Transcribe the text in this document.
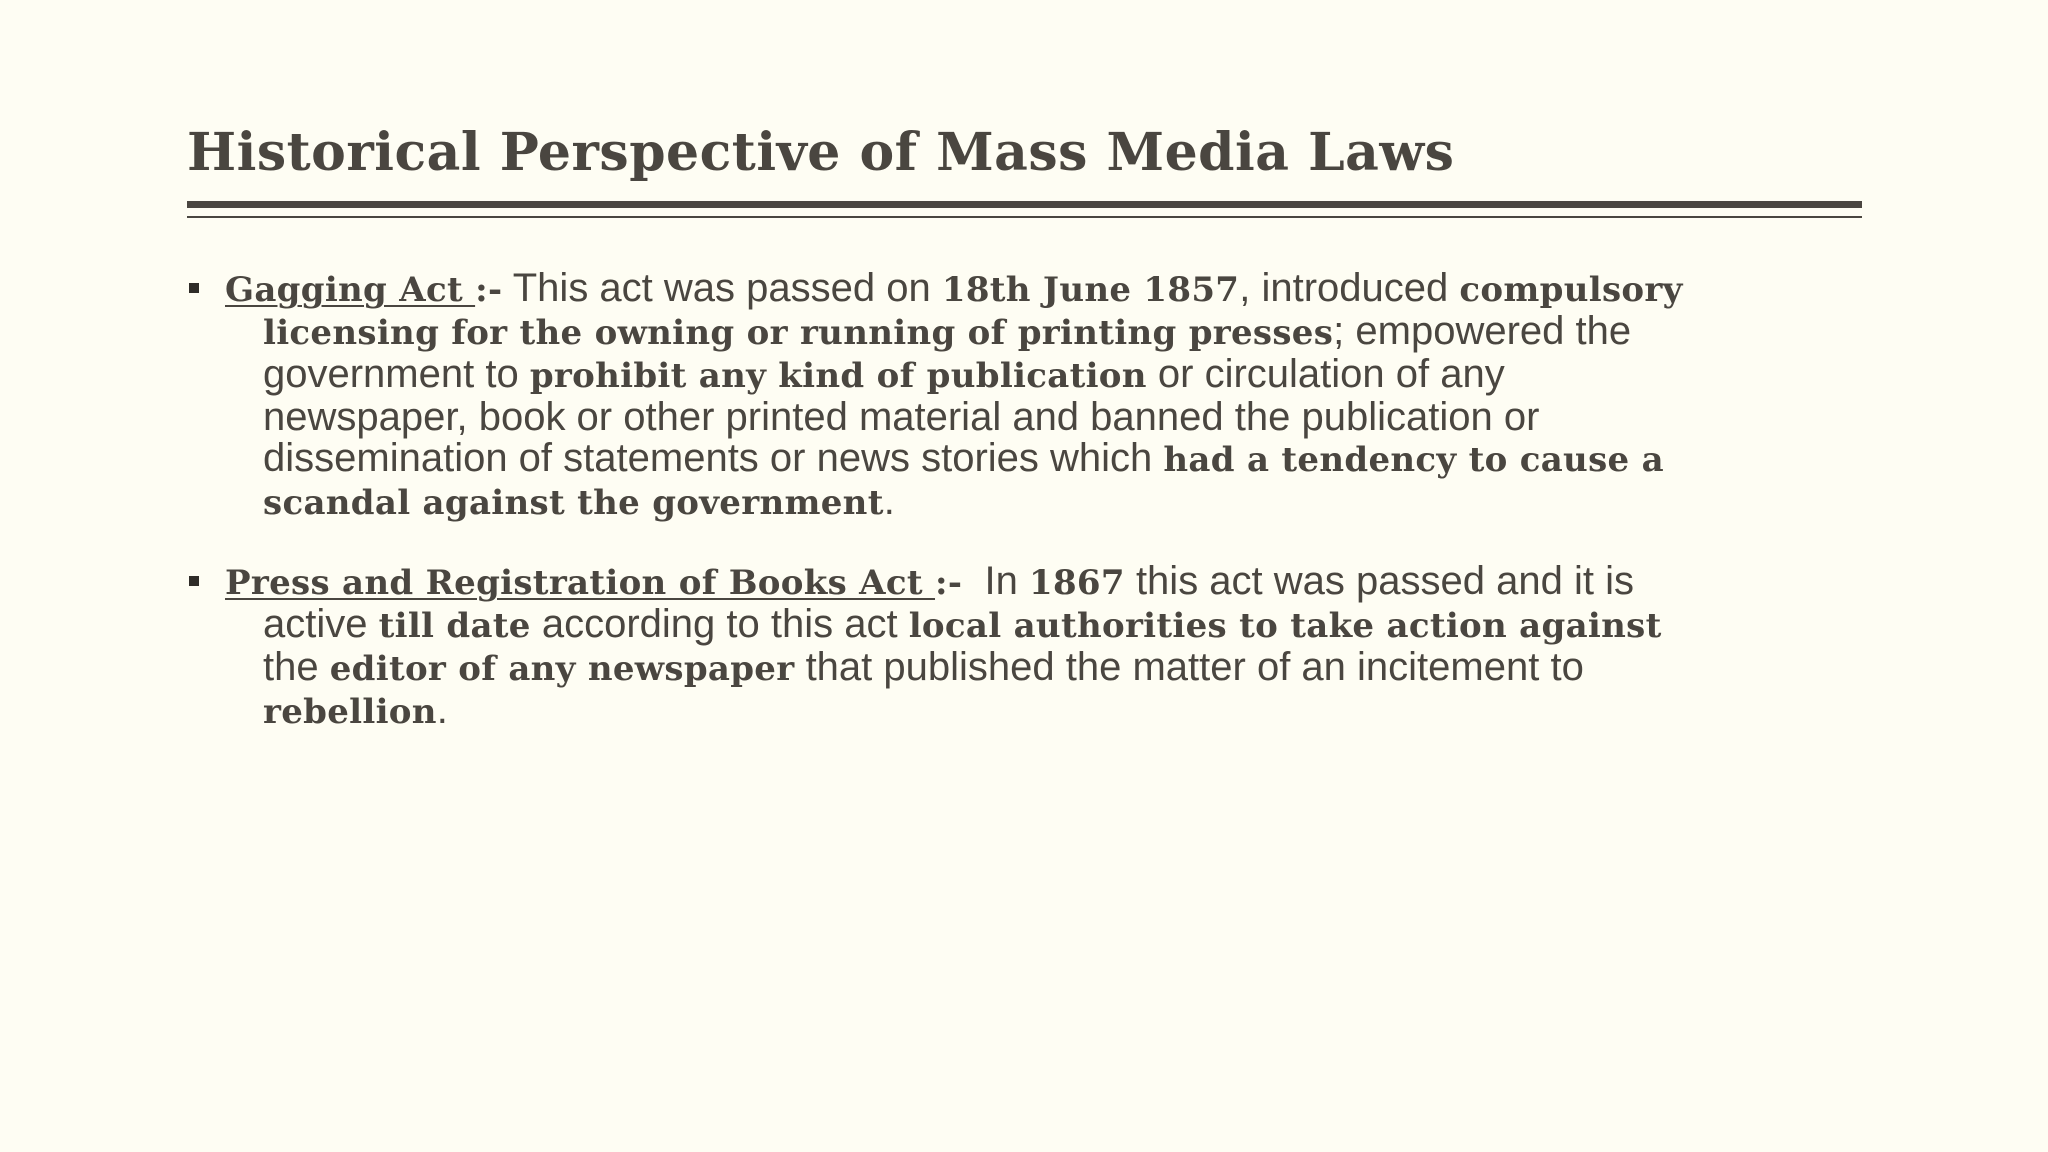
Historical Perspective of Mass Media Laws
Gagging Act :- This act was passed on 18th June 1857, introduced compulsory
licensing for the owning or running of printing presses; empowered the
government to prohibit any kind of publication or circulation of any
newspaper, book or other printed material and banned the publication or
dissemination of statements or news stories which had a tendency to cause a
scandal against the government.
Press and Registration of Books Act :-  In 1867 this act was passed and it is
active till date according to this act local authorities to take action against
the editor of any newspaper that published the matter of an incitement to
rebellion.
